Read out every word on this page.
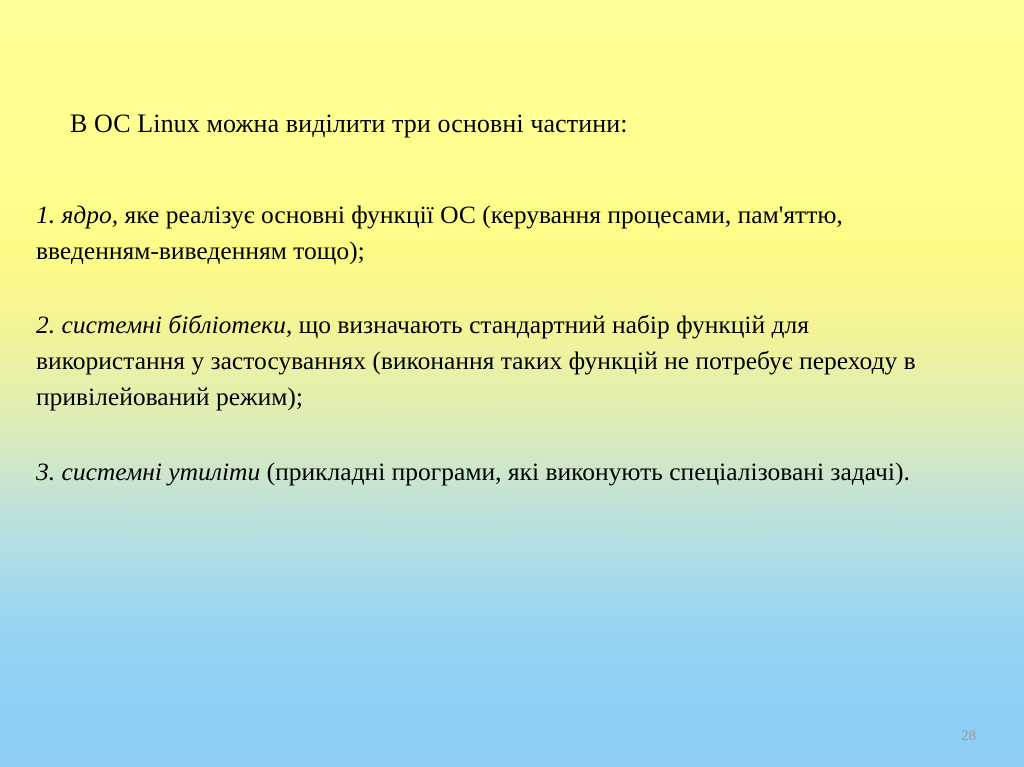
В ОС Linux можна виділити три основні частини:

1. ядро, яке реалізує основні функції ОС (керування процесами, пам'яттю, введенням-виведенням тощо);

2. системні бібліотеки, що визначають стандартний набір функцій для використання у застосуваннях (виконання таких функцій не потребує переходу в привілейований режим);

3. системні утиліти (прикладні програми, які виконують спеціалізовані задачі).

28
